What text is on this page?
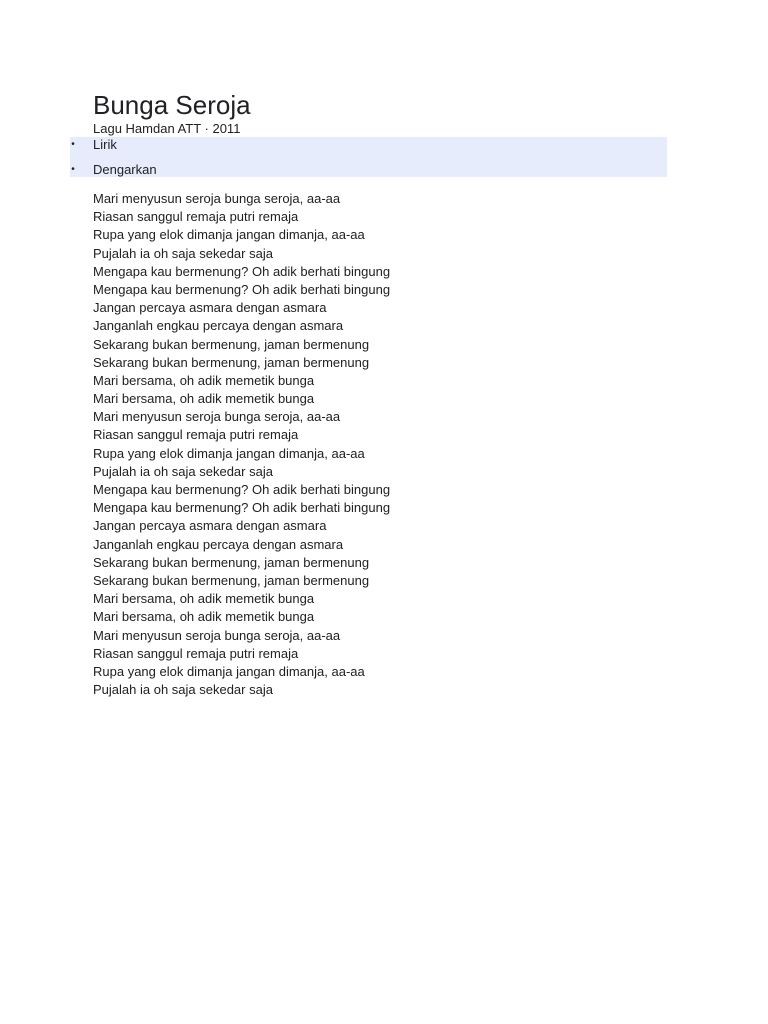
Bunga Seroja

Lagu Hamdan ATT · 2011

• Lirik
• Dengarkan
Mari menyusun seroja bunga seroja, aa-aa
Riasan sanggul remaja putri remaja
Rupa yang elok dimanja jangan dimanja, aa-aa
Pujalah ia oh saja sekedar saja
Mengapa kau bermenung? Oh adik berhati bingung
Mengapa kau bermenung? Oh adik berhati bingung
Jangan percaya asmara dengan asmara
Janganlah engkau percaya dengan asmara
Sekarang bukan bermenung, jaman bermenung
Sekarang bukan bermenung, jaman bermenung
Mari bersama, oh adik memetik bunga
Mari bersama, oh adik memetik bunga
Mari menyusun seroja bunga seroja, aa-aa
Riasan sanggul remaja putri remaja
Rupa yang elok dimanja jangan dimanja, aa-aa
Pujalah ia oh saja sekedar saja
Mengapa kau bermenung? Oh adik berhati bingung
Mengapa kau bermenung? Oh adik berhati bingung
Jangan percaya asmara dengan asmara
Janganlah engkau percaya dengan asmara
Sekarang bukan bermenung, jaman bermenung
Sekarang bukan bermenung, jaman bermenung
Mari bersama, oh adik memetik bunga
Mari bersama, oh adik memetik bunga
Mari menyusun seroja bunga seroja, aa-aa
Riasan sanggul remaja putri remaja
Rupa yang elok dimanja jangan dimanja, aa-aa
Pujalah ia oh saja sekedar saja
